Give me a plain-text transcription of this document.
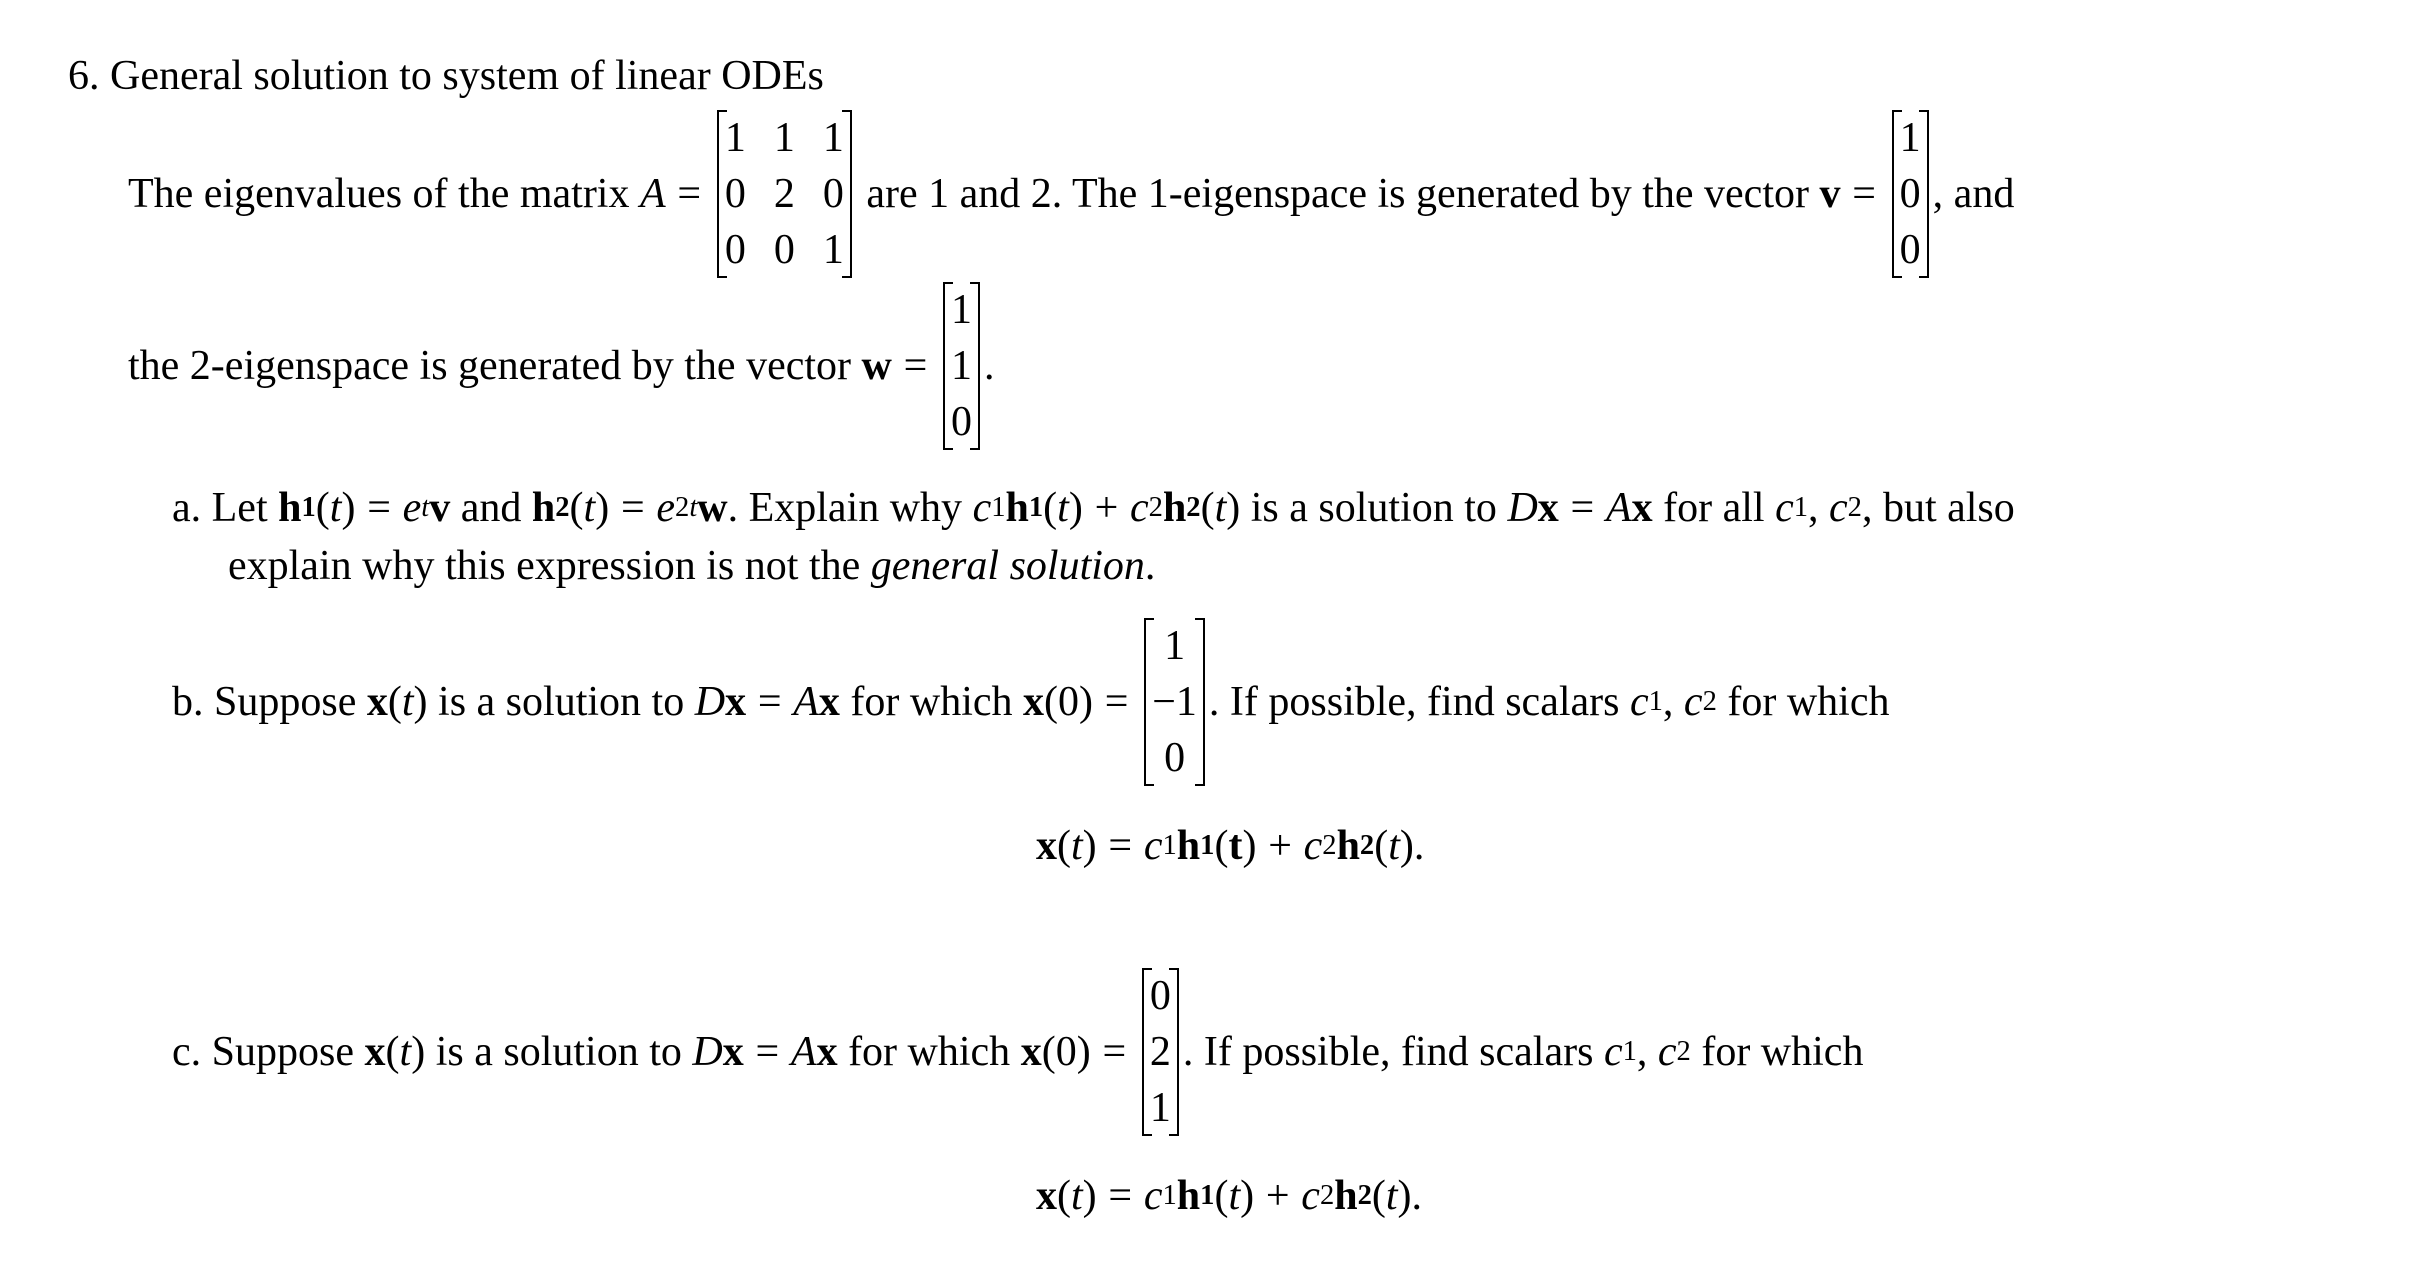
6. General solution to system of linear ODEs
The eigenvalues of the matrix A =
1 1 1
0 2 0
0 0 1
are 1 and 2. The 1-eigenspace is generated by the vector v =
1
0
0
, and
the 2-eigenspace is generated by the vector w =
1
1
0
.
a. Let h 1 ( t ) = e t v and h 2 ( t ) = e 2t w . Explain why c 1 h 1 ( t ) + c 2 h 2 ( t ) is a solution to D x = A x for all c 1 , c 2 , but also
explain why this expression is not the general solution .
b. Suppose x ( t ) is a solution to D x = A x for which x ( 0 ) =
1
−1
0
. If possible, find scalars c 1 , c 2 for which
x ( t ) = c 1 h 1 ( t ) + c 2 h 2 ( t ) .
c. Suppose x ( t ) is a solution to D x = A x for which x ( 0 ) =
0
2
1
. If possible, find scalars c 1 , c 2 for which
x ( t ) = c 1 h 1 ( t ) + c 2 h 2 ( t ) .
